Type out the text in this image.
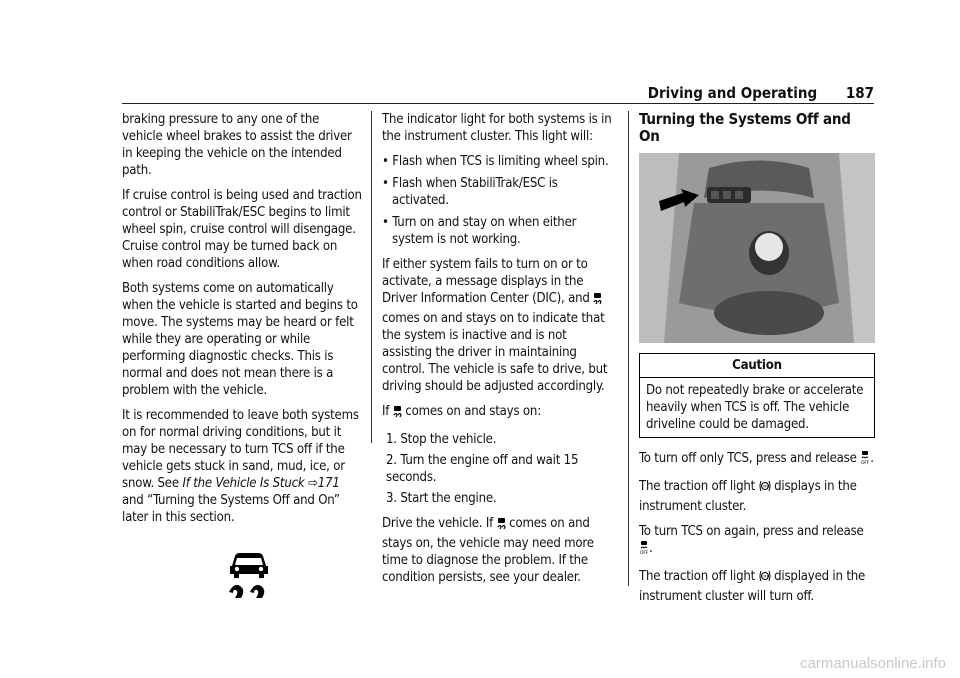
Driving and Operating 187

braking pressure to any one of the vehicle wheel brakes to assist the driver in keeping the vehicle on the intended path.

If cruise control is being used and traction control or StabiliTrak/ESC begins to limit wheel spin, cruise control will disengage. Cruise control may be turned back on when road conditions allow.

Both systems come on automatically when the vehicle is started and begins to move. The systems may be heard or felt while they are operating or while performing diagnostic checks. This is normal and does not mean there is a problem with the vehicle.

It is recommended to leave both systems on for normal driving conditions, but it may be necessary to turn TCS off if the vehicle gets stuck in sand, mud, ice, or snow. See If the Vehicle Is Stuck ⇨171 and “Turning the Systems Off and On” later in this section.

The indicator light for both systems is in the instrument cluster. This light will:

• Flash when TCS is limiting wheel spin.

• Flash when StabiliTrak/ESC is activated.

• Turn on and stay on when either system is not working.

If either system fails to turn on or to activate, a message displays in the Driver Information Center (DIC), and  comes on and stays on to indicate that the system is inactive and is not assisting the driver in maintaining control. The vehicle is safe to drive, but driving should be adjusted accordingly.

If  comes on and stays on:

1. Stop the vehicle.

2. Turn the engine off and wait 15 seconds.

3. Start the engine.

Drive the vehicle. If  comes on and stays on, the vehicle may need more time to diagnose the problem. If the condition persists, see your dealer.

Turning the Systems Off and On
Caution
Do not repeatedly brake or accelerate heavily when TCS is off. The vehicle driveline could be damaged.

To turn off only TCS, press and release OFF .

The traction off light OFF displays in the instrument cluster.

To turn TCS on again, press and release
OFF .

The traction off light OFF displayed in the instrument cluster will turn off.

carmanualsonline.info
